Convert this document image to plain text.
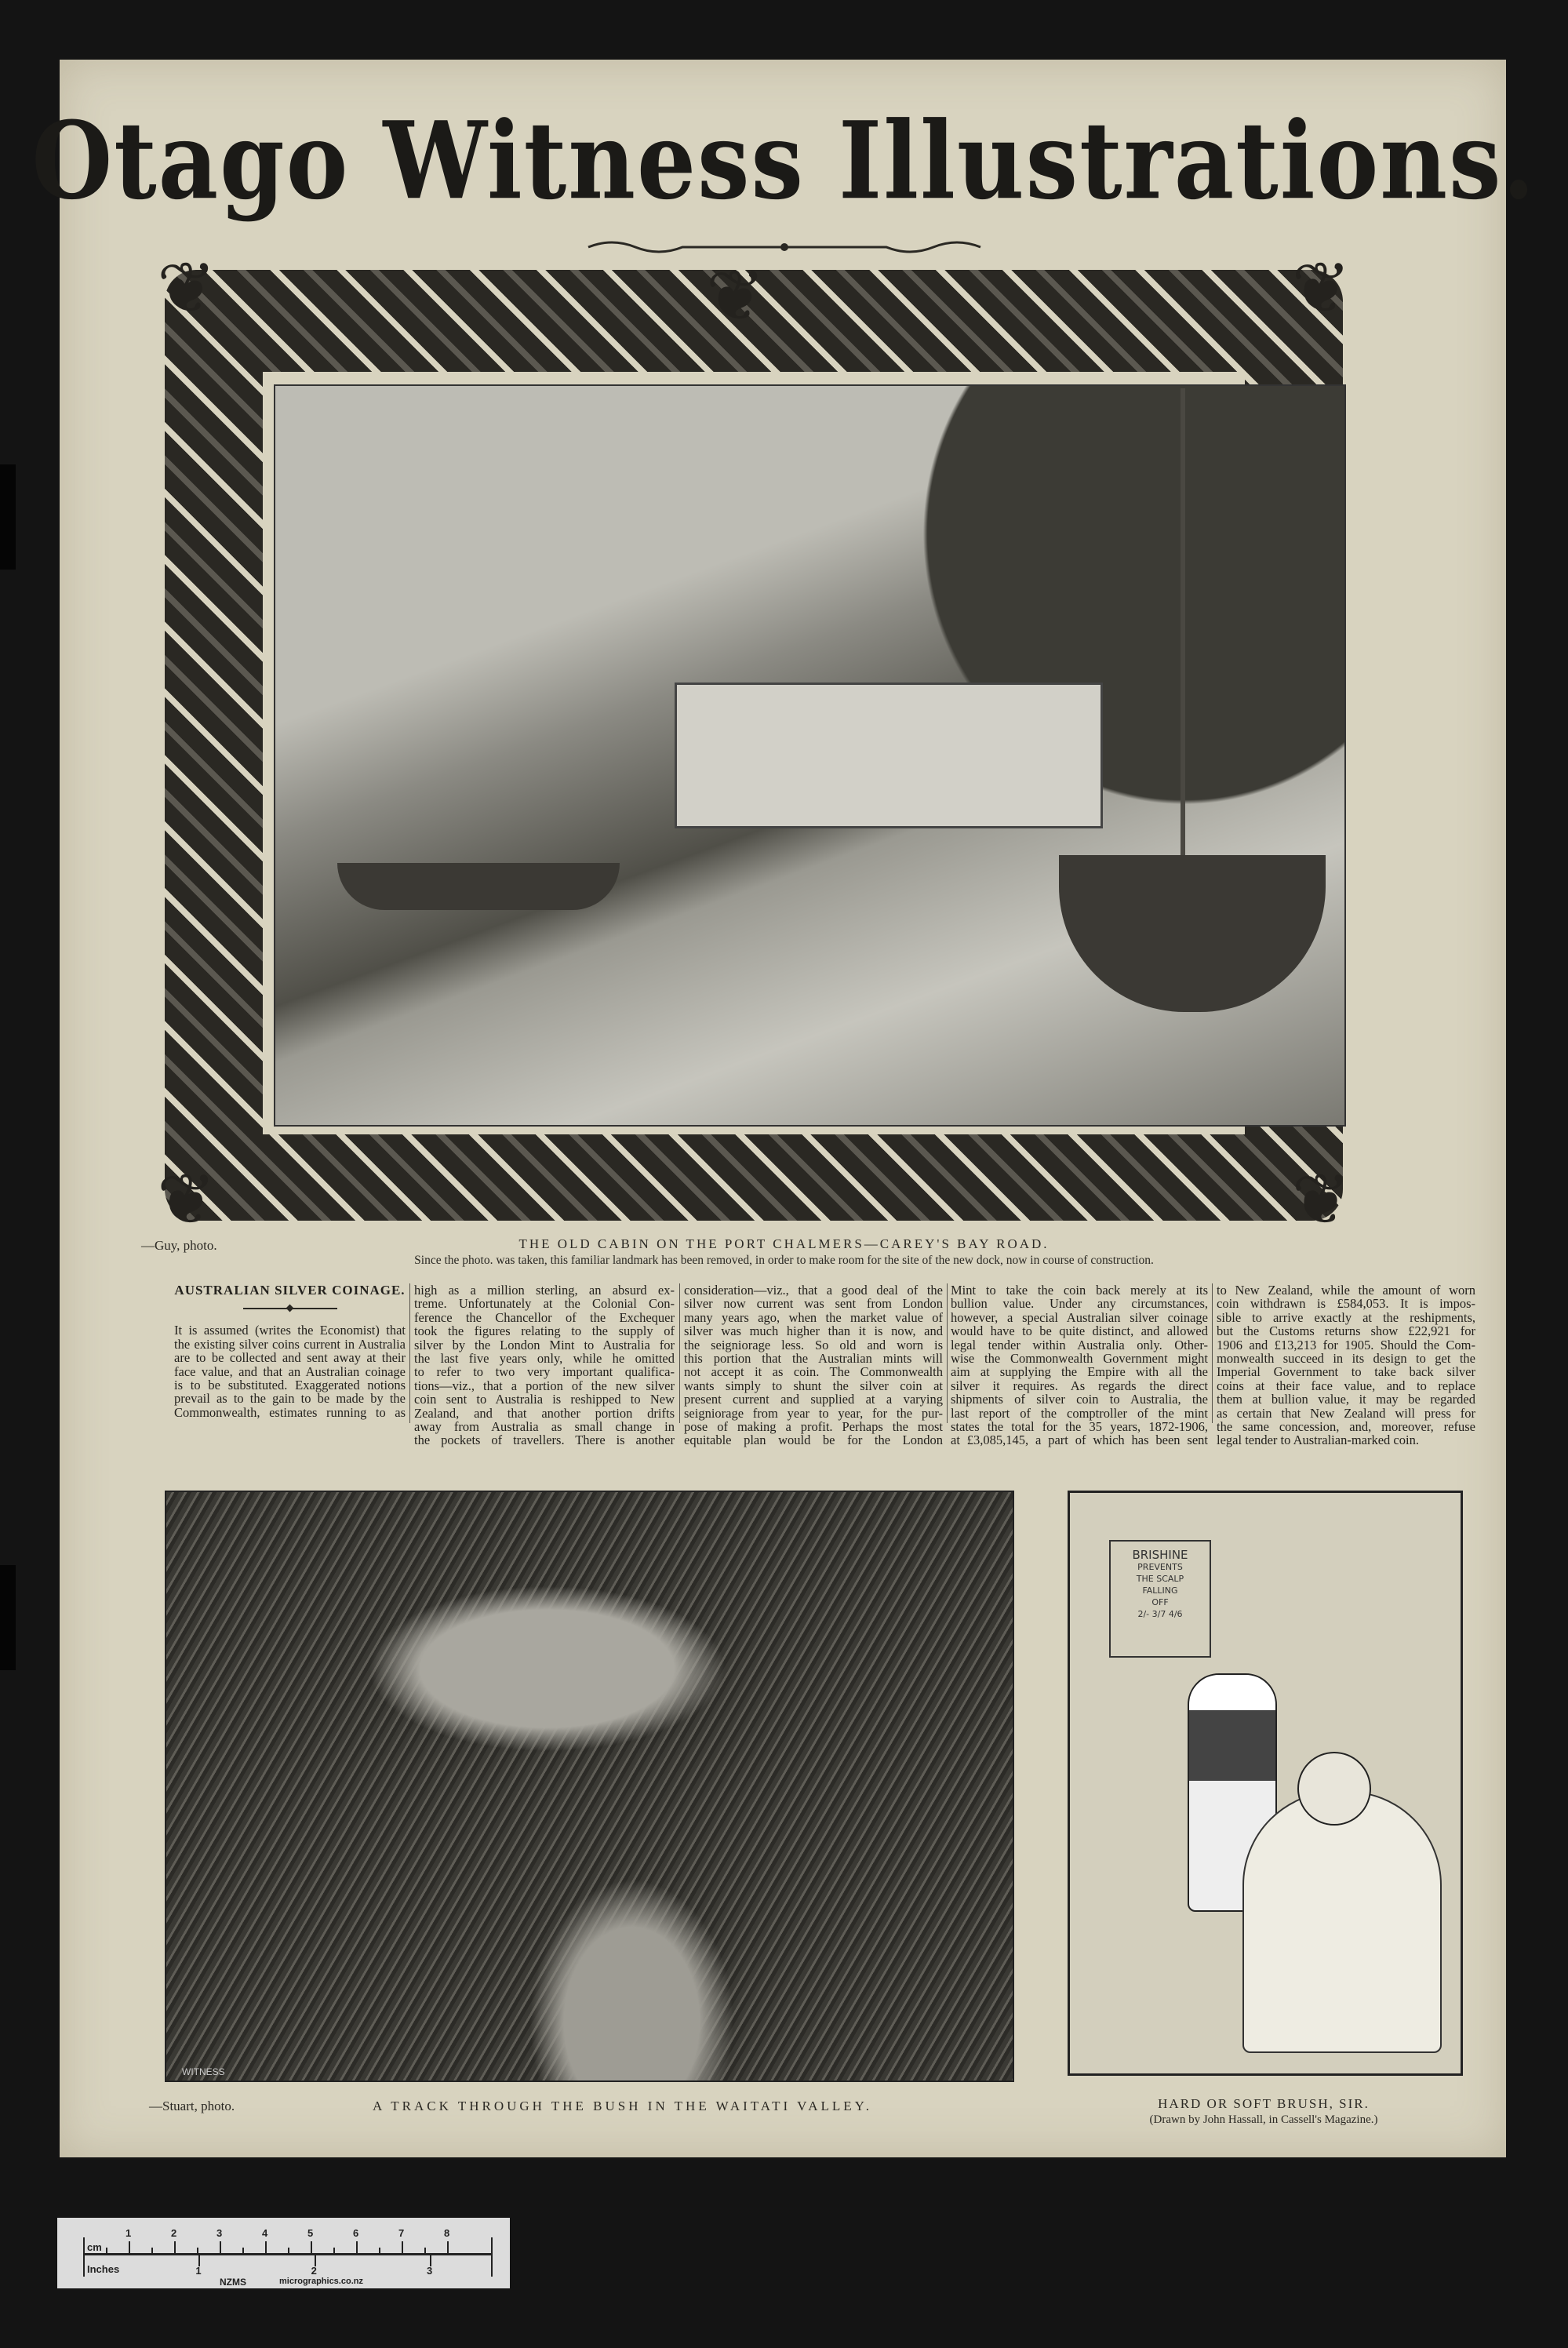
Otago Witness Illustrations.
❦	❦
❦
❦	❦
—Guy, photo.	THE OLD CABIN ON THE PORT CHALMERS—CAREY'S BAY ROAD.
Since the photo. was taken, this familiar landmark has been removed, in order to make room for the site of the new dock, now in course of construction.
AUSTRALIAN SILVER COINAGE.
It is assumed (writes the Economist) that
the existing silver coins current in Australia
are to be collected and sent away at their
face value, and that an Australian coinage
is to be substituted. Exaggerated notions
prevail as to the gain to be made by the
Commonwealth, estimates running to as
high as a million sterling, an absurd ex-
treme. Unfortunately at the Colonial Con-
ference the Chancellor of the Exchequer
took the figures relating to the supply of
silver by the London Mint to Australia for
the last five years only, while he omitted
to refer to two very important qualifica-
tions—viz., that a portion of the new silver
coin sent to Australia is reshipped to New
Zealand, and that another portion drifts
away from Australia as small change in
the pockets of travellers. There is another
consideration—viz., that a good deal of the
silver now current was sent from London
many years ago, when the market value of
silver was much higher than it is now, and
the seigniorage less. So old and worn is
this portion that the Australian mints will
not accept it as coin. The Commonwealth
wants simply to shunt the silver coin at
present current and supplied at a varying
seigniorage from year to year, for the pur-
pose of making a profit. Perhaps the most
equitable plan would be for the London
Mint to take the coin back merely at its
bullion value. Under any circumstances,
however, a special Australian silver coinage
would have to be quite distinct, and allowed
legal tender within Australia only. Other-
wise the Commonwealth Government might
aim at supplying the Empire with all the
silver it requires. As regards the direct
shipments of silver coin to Australia, the
last report of the comptroller of the mint
states the total for the 35 years, 1872-1906,
at £3,085,145, a part of which has been sent
to New Zealand, while the amount of worn
coin withdrawn is £584,053. It is impos-
sible to arrive exactly at the reshipments,
but the Customs returns show £22,921 for
1906 and £13,213 for 1905. Should the Com-
monwealth succeed in its design to get the
Imperial Government to take back silver
coins at their face value, and to replace
them at bullion value, it may be regarded
as certain that New Zealand will press for
the same concession, and, moreover, refuse
legal tender to Australian-marked coin.
WITNESS
—Stuart, photo.	A TRACK THROUGH THE BUSH IN THE WAITATI VALLEY.
BRISHINE
PREVENTS
THE SCALP
FALLING
OFF
2/- 3/7 4/6
HARD OR SOFT BRUSH, SIR.
(Drawn by John Hassall, in Cassell's Magazine.)
cm
Inches
1	2	3	4	5	6	7	8
1	2	3
NZMS	micrographics.co.nz
